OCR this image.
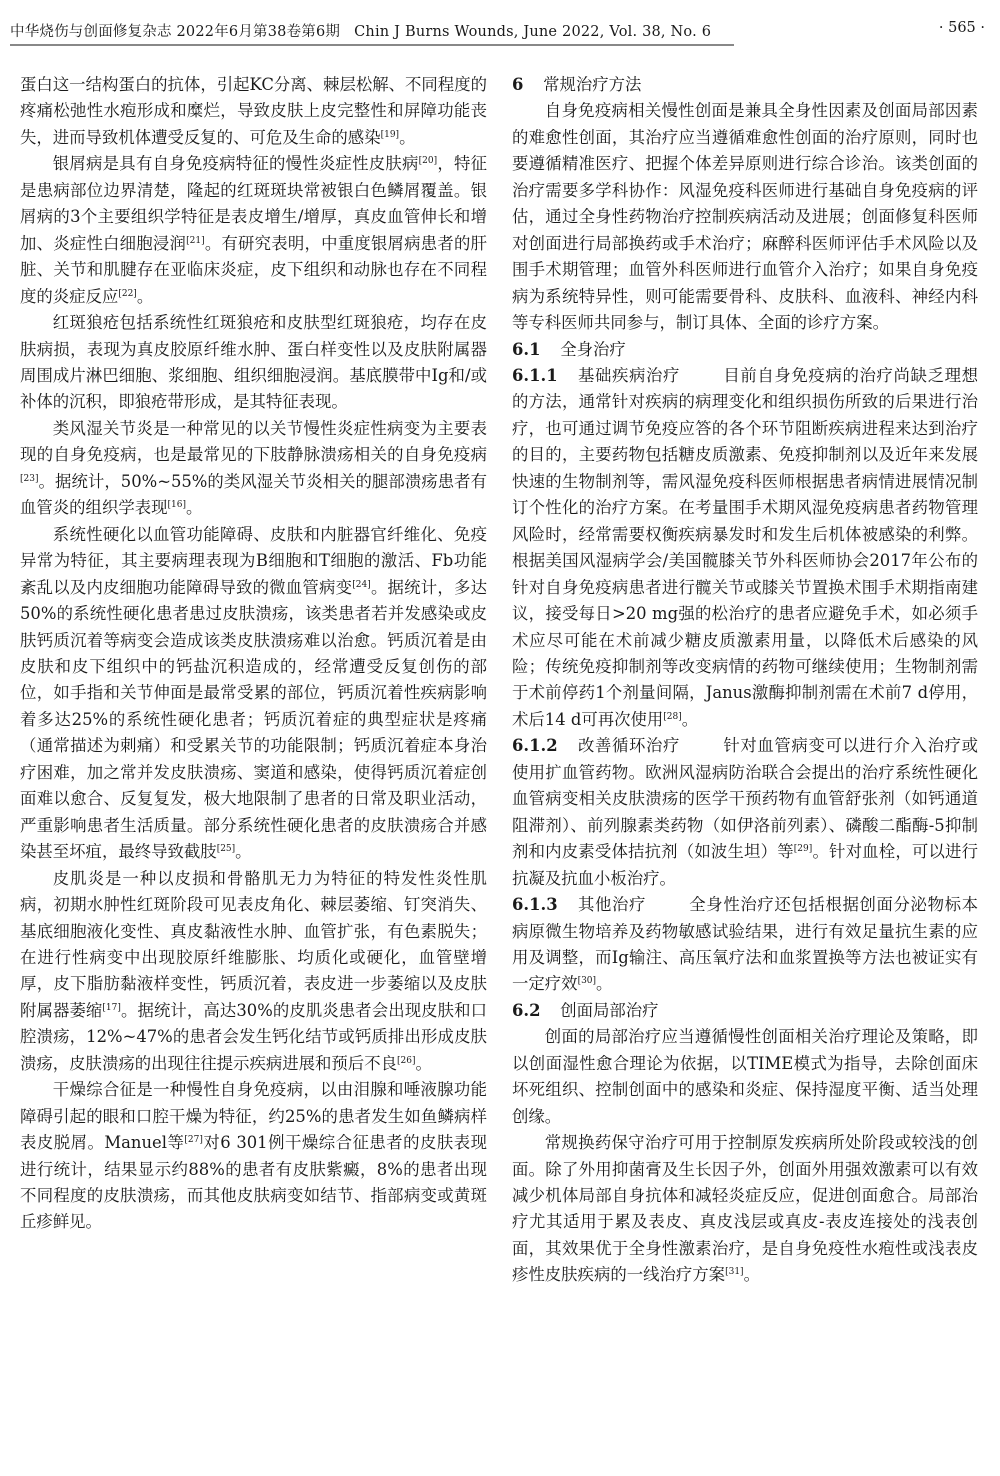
中华烧伤与创面修复杂志 2022年6月第38卷第6期 Chin J Burns Wounds, June 2022, Vol. 38, No. 6	· 565 ·

蛋白这一结构蛋白的抗体，引起KC分离、棘层松解、不同程度的疼痛松弛性水疱形成和糜烂，导致皮肤上皮完整性和屏障功能丧失，进而导致机体遭受反复的、可危及生命的感染[19]。

银屑病是具有自身免疫病特征的慢性炎症性皮肤病[20]，特征是患病部位边界清楚，隆起的红斑斑块常被银白色鳞屑覆盖。银屑病的3个主要组织学特征是表皮增生/增厚，真皮血管伸长和增加、炎症性白细胞浸润[21]。有研究表明，中重度银屑病患者的肝脏、关节和肌腱存在亚临床炎症，皮下组织和动脉也存在不同程度的炎症反应[22]。

红斑狼疮包括系统性红斑狼疮和皮肤型红斑狼疮，均存在皮肤病损，表现为真皮胶原纤维水肿、蛋白样变性以及皮肤附属器周围成片淋巴细胞、浆细胞、组织细胞浸润。基底膜带中Ig和/或补体的沉积，即狼疮带形成，是其特征表现。

类风湿关节炎是一种常见的以关节慢性炎症性病变为主要表现的自身免疫病，也是最常见的下肢静脉溃疡相关的自身免疫病[23]。据统计，50%~55%的类风湿关节炎相关的腿部溃疡患者有血管炎的组织学表现[16]。

系统性硬化以血管功能障碍、皮肤和内脏器官纤维化、免疫异常为特征，其主要病理表现为B细胞和T细胞的激活、Fb功能紊乱以及内皮细胞功能障碍导致的微血管病变[24]。据统计，多达50%的系统性硬化患者患过皮肤溃疡，该类患者若并发感染或皮肤钙质沉着等病变会造成该类皮肤溃疡难以治愈。钙质沉着是由皮肤和皮下组织中的钙盐沉积造成的，经常遭受反复创伤的部位，如手指和关节伸面是最常受累的部位，钙质沉着性疾病影响着多达25%的系统性硬化患者；钙质沉着症的典型症状是疼痛（通常描述为刺痛）和受累关节的功能限制；钙质沉着症本身治疗困难，加之常并发皮肤溃疡、窦道和感染，使得钙质沉着症创面难以愈合、反复复发，极大地限制了患者的日常及职业活动，严重影响患者生活质量。部分系统性硬化患者的皮肤溃疡合并感染甚至坏疽，最终导致截肢[25]。

皮肌炎是一种以皮损和骨骼肌无力为特征的特发性炎性肌病，初期水肿性红斑阶段可见表皮角化、棘层萎缩、钉突消失、基底细胞液化变性、真皮黏液性水肿、血管扩张，有色素脱失；在进行性病变中出现胶原纤维膨胀、均质化或硬化，血管壁增厚，皮下脂肪黏液样变性，钙质沉着，表皮进一步萎缩以及皮肤附属器萎缩[17]。据统计，高达30%的皮肌炎患者会出现皮肤和口腔溃疡，12%~47%的患者会发生钙化结节或钙质排出形成皮肤溃疡，皮肤溃疡的出现往往提示疾病进展和预后不良[26]。

干燥综合征是一种慢性自身免疫病，以由泪腺和唾液腺功能障碍引起的眼和口腔干燥为特征，约25%的患者发生如鱼鳞病样表皮脱屑。Manuel等[27]对6 301例干燥综合征患者的皮肤表现进行统计，结果显示约88%的患者有皮肤紫癜，8%的患者出现不同程度的皮肤溃疡，而其他皮肤病变如结节、指部病变或黄斑丘疹鲜见。

6 常规治疗方法

自身免疫病相关慢性创面是兼具全身性因素及创面局部因素的难愈性创面，其治疗应当遵循难愈性创面的治疗原则，同时也要遵循精准医疗、把握个体差异原则进行综合诊治。该类创面的治疗需要多学科协作：风湿免疫科医师进行基础自身免疫病的评估，通过全身性药物治疗控制疾病活动及进展；创面修复科医师对创面进行局部换药或手术治疗；麻醉科医师评估手术风险以及围手术期管理；血管外科医师进行血管介入治疗；如果自身免疫病为系统特异性，则可能需要骨科、皮肤科、血液科、神经内科等专科医师共同参与，制订具体、全面的诊疗方案。

6.1 全身治疗

6.1.1 基础疾病治疗	目前自身免疫病的治疗尚缺乏理想的方法，通常针对疾病的病理变化和组织损伤所致的后果进行治疗，也可通过调节免疫应答的各个环节阻断疾病进程来达到治疗的目的，主要药物包括糖皮质激素、免疫抑制剂以及近年来发展快速的生物制剂等，需风湿免疫科医师根据患者病情进展情况制订个性化的治疗方案。在考量围手术期风湿免疫病患者药物管理风险时，经常需要权衡疾病暴发时和发生后机体被感染的利弊。根据美国风湿病学会/美国髋膝关节外科医师协会2017年公布的针对自身免疫病患者进行髋关节或膝关节置换术围手术期指南建议，接受每日>20 mg强的松治疗的患者应避免手术，如必须手术应尽可能在术前减少糖皮质激素用量，以降低术后感染的风险；传统免疫抑制剂等改变病情的药物可继续使用；生物制剂需于术前停药1个剂量间隔，Janus激酶抑制剂需在术前7 d停用，术后14 d可再次使用[28]。

6.1.2 改善循环治疗	针对血管病变可以进行介入治疗或使用扩血管药物。欧洲风湿病防治联合会提出的治疗系统性硬化血管病变相关皮肤溃疡的医学干预药物有血管舒张剂（如钙通道阻滞剂）、前列腺素类药物（如伊洛前列素）、磷酸二酯酶-5抑制剂和内皮素受体拮抗剂（如波生坦）等[29]。针对血栓，可以进行抗凝及抗血小板治疗。

6.1.3 其他治疗	全身性治疗还包括根据创面分泌物标本病原微生物培养及药物敏感试验结果，进行有效足量抗生素的应用及调整，而Ig输注、高压氧疗法和血浆置换等方法也被证实有一定疗效[30]。

6.2 创面局部治疗

创面的局部治疗应当遵循慢性创面相关治疗理论及策略，即以创面湿性愈合理论为依据，以TIME模式为指导，去除创面床坏死组织、控制创面中的感染和炎症、保持湿度平衡、适当处理创缘。

常规换药保守治疗可用于控制原发疾病所处阶段或较浅的创面。除了外用抑菌膏及生长因子外，创面外用强效激素可以有效减少机体局部自身抗体和减轻炎症反应，促进创面愈合。局部治疗尤其适用于累及表皮、真皮浅层或真皮-表皮连接处的浅表创面，其效果优于全身性激素治疗，是自身免疫性水疱性或浅表皮疹性皮肤疾病的一线治疗方案[31]。
